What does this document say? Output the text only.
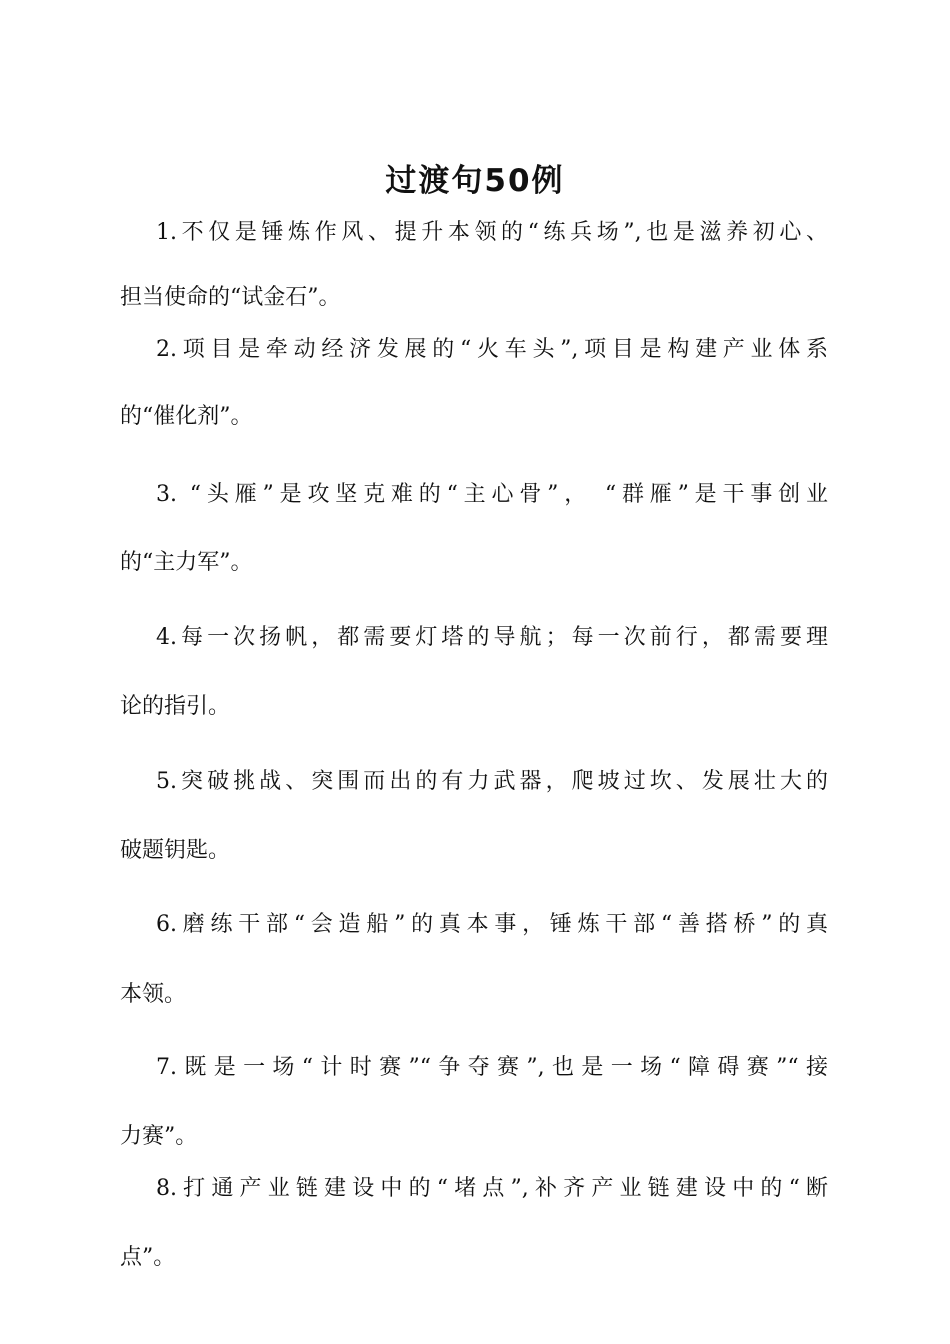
过渡句50例

1.不仅是锤炼作风、提升本领的“练兵场”,也是滋养初心、

担当使命的“试金石”。

2.项目是牵动经济发展的“火车头”,项目是构建产业体系

的“催化剂”。

3. “头雁”是攻坚克难的“主心骨”， “群雁”是干事创业

的“主力军”。

4.每一次扬帆，都需要灯塔的导航；每一次前行，都需要理

论的指引。

5.突破挑战、突围而出的有力武器，爬坡过坎、发展壮大的

破题钥匙。

6.磨练干部“会造船”的真本事，锤炼干部“善搭桥”的真

本领。

7.既是一场“计时赛”“争夺赛”,也是一场“障碍赛”“接

力赛”。

8.打通产业链建设中的“堵点”,补齐产业链建设中的“断

点”。
